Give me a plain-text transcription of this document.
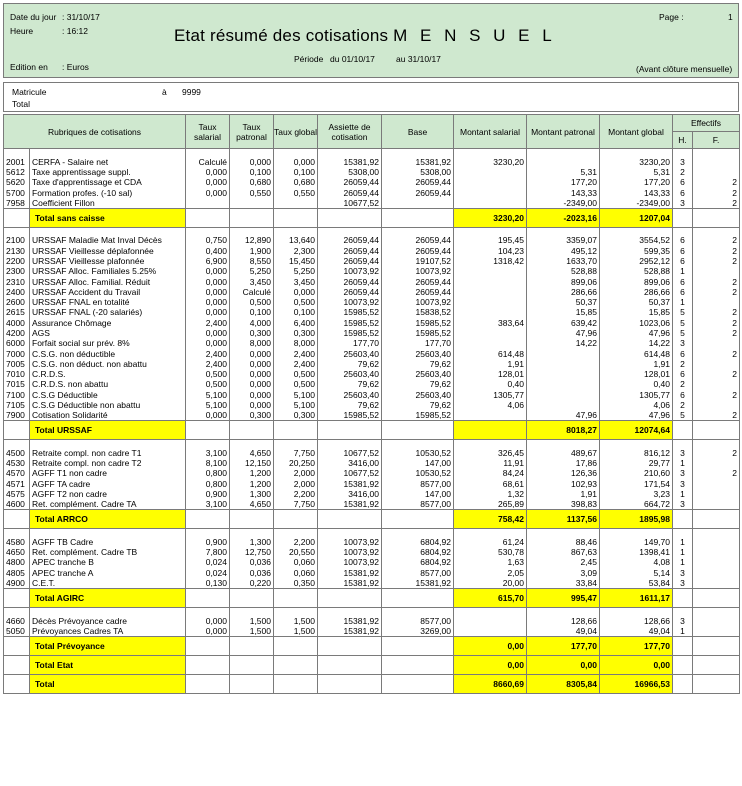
Date du jour : 31/10/17
Heure	: 16:12	Etat résumé des cotisations M E N S U E L
Page :	1
Période du 01/10/17 au 31/10/17
Edition en : Euros	(Avant clôture mensuelle)
Matricule	à 9999
Total
Rubriques de cotisations		Taux salarial	Taux patronal	Taux global	Assiette de cotisation	Base	Montant salarial	Montant patronal	Montant global	Effectifs
H. F.	

2001	CERFA - Salaire net	Calculé	0,000	0,000	15381,92	15381,92	3230,20		3230,20	3	
5612	Taxe apprentissage suppl.	0,000	0,100	0,100	5308,00	5308,00		5,31	5,31	2	
5620	Taxe d'apprentissage et CDA	0,000	0,680	0,680	26059,44	26059,44		177,20	177,20	6	2
5700	Formation profes. (-10 sal)	0,000	0,550	0,550	26059,44	26059,44		143,33	143,33	6	2
7958	Coefficient Fillon				10677,52			-2349,00	-2349,00	3	2
	Total sans caisse						3230,20	-2023,16	1207,04		

2100	URSSAF Maladie Mat Inval Décès	0,750	12,890	13,640	26059,44	26059,44	195,45	3359,07	3554,52	6	2
2130	URSSAF Vieillesse déplafonnée	0,400	1,900	2,300	26059,44	26059,44	104,23	495,12	599,35	6	2
2200	URSSAF Vieillesse plafonnée	6,900	8,550	15,450	26059,44	19107,52	1318,42	1633,70	2952,12	6	2
2300	URSSAF Alloc. Familiales 5.25%	0,000	5,250	5,250	10073,92	10073,92		528,88	528,88	1	
2310	URSSAF Alloc. Familial. Réduit	0,000	3,450	3,450	26059,44	26059,44		899,06	899,06	6	2
2400	URSSAF Accident du Travail	0,000	Calculé	0,000	26059,44	26059,44		286,66	286,66	6	2
2600	URSSAF FNAL en totalité	0,000	0,500	0,500	10073,92	10073,92		50,37	50,37	1	
2615	URSSAF FNAL (-20 salariés)	0,000	0,100	0,100	15985,52	15838,52		15,85	15,85	5	2
4000	Assurance Chômage	2,400	4,000	6,400	15985,52	15985,52	383,64	639,42	1023,06	5	2
4200	AGS	0,000	0,300	0,300	15985,52	15985,52		47,96	47,96	5	2
6000	Forfait social sur prév. 8%	0,000	8,000	8,000	177,70	177,70		14,22	14,22	3	
7000	C.S.G. non déductible	2,400	0,000	2,400	25603,40	25603,40	614,48		614,48	6	2
7005	C.S.G. non déduct. non abattu	2,400	0,000	2,400	79,62	79,62	1,91		1,91	2	
7010	C.R.D.S.	0,500	0,000	0,500	25603,40	25603,40	128,01		128,01	6	2
7015	C.R.D.S. non abattu	0,500	0,000	0,500	79,62	79,62	0,40		0,40	2	
7100	C.S.G Déductible	5,100	0,000	5,100	25603,40	25603,40	1305,77		1305,77	6	2
7105	C.S.G Déductible non abattu	5,100	0,000	5,100	79,62	79,62	4,06		4,06	2	
7900	Cotisation Solidarité	0,000	0,300	0,300	15985,52	15985,52		47,96	47,96	5	2
	Total URSSAF							8018,27	12074,64		

4500	Retraite compl. non cadre T1	3,100	4,650	7,750	10677,52	10530,52	326,45	489,67	816,12	3	2
4530	Retraite compl. non cadre T2	8,100	12,150	20,250	3416,00	147,00	11,91	17,86	29,77	1	
4570	AGFF T1 non cadre	0,800	1,200	2,000	10677,52	10530,52	84,24	126,36	210,60	3	2
4571	AGFF TA cadre	0,800	1,200	2,000	15381,92	8577,00	68,61	102,93	171,54	3	
4575	AGFF T2 non cadre	0,900	1,300	2,200	3416,00	147,00	1,32	1,91	3,23	1	
4600	Ret. complément. Cadre TA	3,100	4,650	7,750	15381,92	8577,00	265,89	398,83	664,72	3	
	Total ARRCO						758,42	1137,56	1895,98		

4580	AGFF TB Cadre	0,900	1,300	2,200	10073,92	6804,92	61,24	88,46	149,70	1	
4650	Ret. complément. Cadre TB	7,800	12,750	20,550	10073,92	6804,92	530,78	867,63	1398,41	1	
4800	APEC tranche B	0,024	0,036	0,060	10073,92	6804,92	1,63	2,45	4,08	1	
4805	APEC tranche A	0,024	0,036	0,060	15381,92	8577,00	2,05	3,09	5,14	3	
4900	C.E.T.	0,130	0,220	0,350	15381,92	15381,92	20,00	33,84	53,84	3	
	Total AGIRC						615,70	995,47	1611,17		

4660	Décès Prévoyance cadre	0,000	1,500	1,500	15381,92	8577,00		128,66	128,66	3	
5050	Prévoyances Cadres TA	0,000	1,500	1,500	15381,92	3269,00		49,04	49,04	1	
	Total Prévoyance						0,00	177,70	177,70		
	Total Etat						0,00	0,00	0,00		
	Total						8660,69	8305,84	16966,53		
